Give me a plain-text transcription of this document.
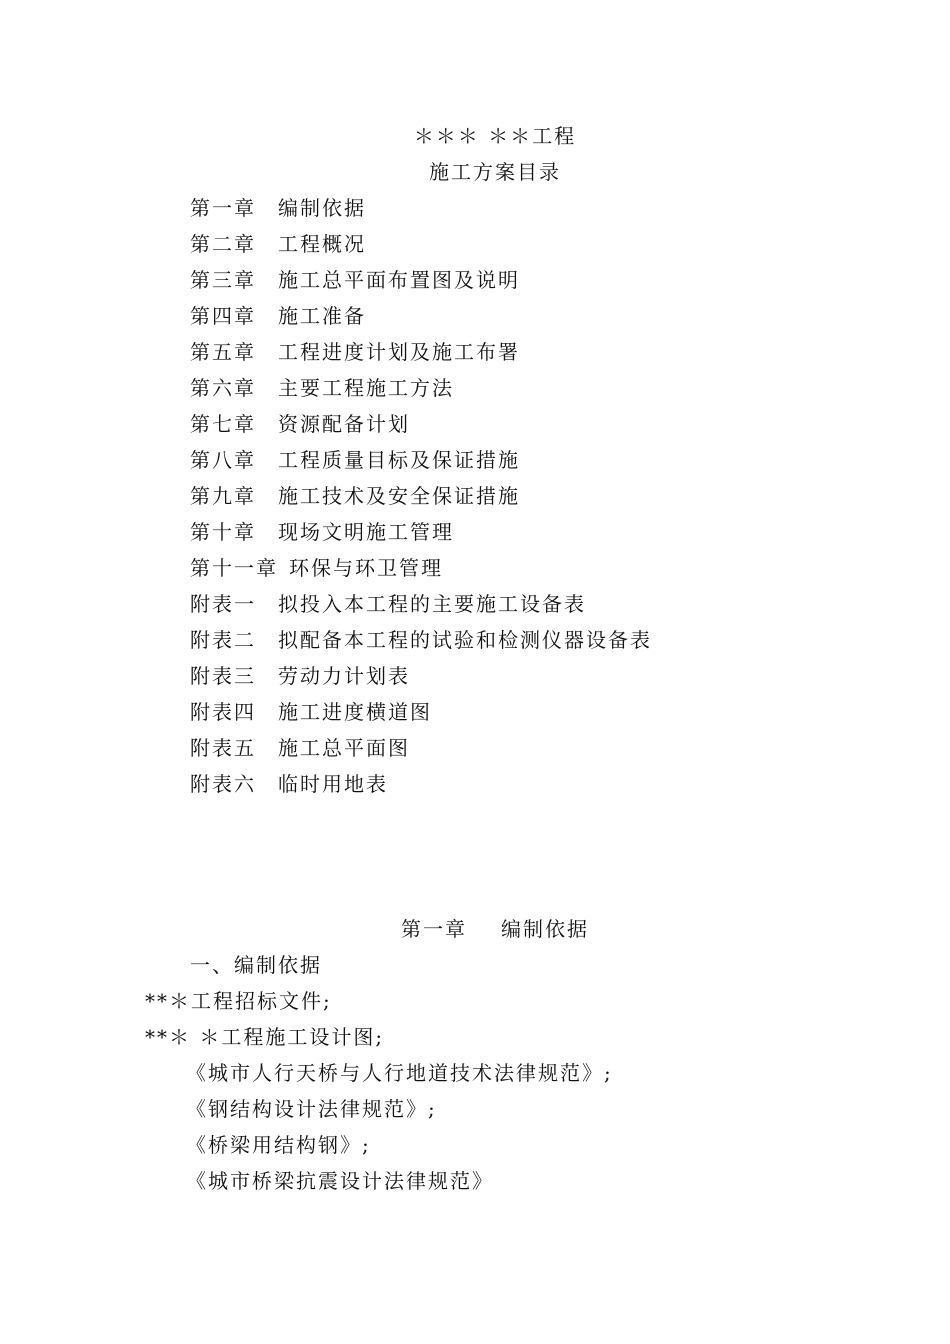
＊＊＊ ＊＊工程
施工方案目录
第一章 编制依据
第二章 工程概况
第三章 施工总平面布置图及说明
第四章 施工准备
第五章 工程进度计划及施工布署
第六章 主要工程施工方法
第七章 资源配备计划
第八章 工程质量目标及保证措施
第九章 施工技术及安全保证措施
第十章 现场文明施工管理
第十一章 环保与环卫管理
附表一 拟投入本工程的主要施工设备表
附表二 拟配备本工程的试验和检测仪器设备表
附表三 劳动力计划表
附表四 施工进度横道图
附表五 施工总平面图
附表六 临时用地表
第一章 编制依据
一、编制依据
**＊工程招标文件;
**＊ ＊工程施工设计图;
《城市人行天桥与人行地道技术法律规范》;
《钢结构设计法律规范》;
《桥梁用结构钢》;
《城市桥梁抗震设计法律规范》
